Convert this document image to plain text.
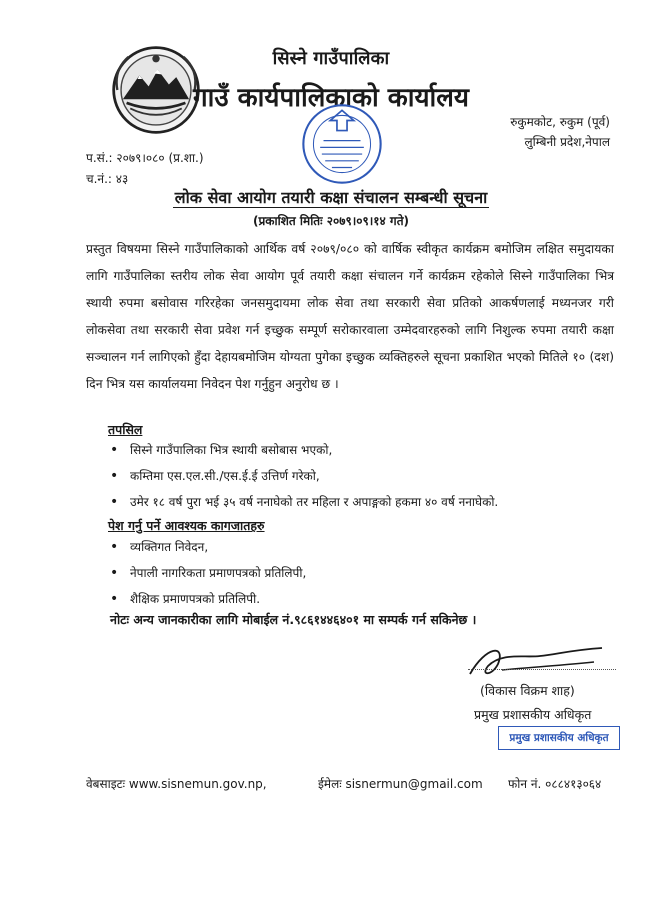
सिस्ने गाउँपालिका
गाउँ कार्यपालिकाको कार्यालय
रुकुमकोट, रुकुम (पूर्व)
लुम्बिनी प्रदेश,नेपाल
प.सं.: २०७९।०८० (प्र.शा.)
च.नं.: ४३
लोक सेवा आयोग तयारी कक्षा संचालन सम्बन्धी सूचना
(प्रकाशित मितिः २०७९।०९।१४ गते)
प्रस्तुत विषयमा सिस्ने गाउँपालिकाको आर्थिक वर्ष २०७९/०८० को वार्षिक स्वीकृत कार्यक्रम बमोजिम लक्षित समुदायका लागि गाउँपालिका स्तरीय लोक सेवा आयोग पूर्व तयारी कक्षा संचालन गर्ने कार्यक्रम रहेकोले सिस्ने गाउँपालिका भित्र स्थायी रुपमा बसोवास गरिरहेका जनसमुदायमा लोक सेवा तथा सरकारी सेवा प्रतिको आकर्षणलाई मध्यनजर गरी लोकसेवा तथा सरकारी सेवा प्रवेश गर्न इच्छुक सम्पूर्ण सरोकारवाला उम्मेदवारहरुको लागि निशुल्क रुपमा तयारी कक्षा सञ्चालन गर्न लागिएको हुँदा देहायबमोजिम योग्यता पुगेका इच्छुक व्यक्तिहरुले सूचना प्रकाशित भएको मितिले १० (दश) दिन भित्र यस कार्यालयमा निवेदन पेश गर्नुहुन अनुरोध छ ।
तपसिल
• सिस्ने गाउँपालिका भित्र स्थायी बसोबास भएको,
• कम्तिमा एस.एल.सी./एस.ई.ई उत्तिर्ण गरेको,
• उमेर १८ वर्ष पुरा भई ३५ वर्ष ननाघेको तर महिला र अपाङ्गको हकमा ४० वर्ष ननाघेको.
पेश गर्नु पर्ने आवश्यक कागजातहरु
• व्यक्तिगत निवेदन,
• नेपाली नागरिकता प्रमाणपत्रको प्रतिलिपी,
• शैक्षिक प्रमाणपत्रको प्रतिलिपी.
नोटः अन्य जानकारीका लागि मोबाईल नं.९८६१४४६४०१ मा सम्पर्क गर्न सकिनेछ ।
(विकास विक्रम शाह)
प्रमुख प्रशासकीय अधिकृत
प्रमुख प्रशासकीय अधिकृत
वेबसाइटः www.sisnemun.gov.np,	ईमेलः sisnermun@gmail.com फोन नं. ०८८४१३०६४
